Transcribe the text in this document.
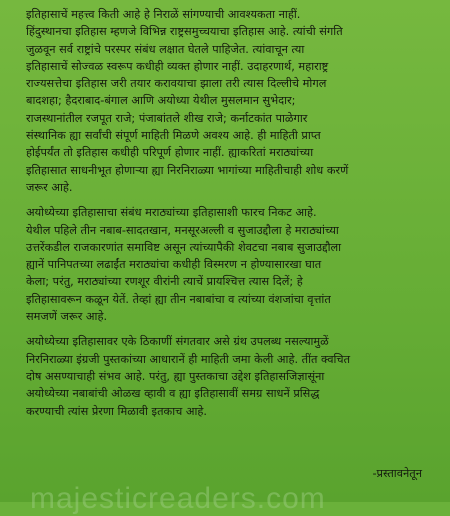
इतिहासाचें महत्त्व किती आहे हे निराळें सांगण्याची आवश्यकता नाहीं.
हिंदुस्थानचा इतिहास म्हणजे विभिन्न राष्ट्रसमुच्चयाचा इतिहास आहे. त्यांची संगति
जुळवून सर्व राष्ट्रांचे परस्पर संबंध लक्षात घेतले पाहिजेत. त्यांवाचून त्या
इतिहासाचें सोज्वळ स्वरूप कधीही व्यक्त होणार नाहीं. उदाहरणार्थ, महाराष्ट्र
राज्यसत्तेचा इतिहास जरी तयार करावयाचा झाला तरी त्यास दिल्लीचे मोगल
बादशहा; हैदराबाद-बंगाल आणि अयोध्या येथील मुसलमान सुभेदार;
राजस्थानांतील रजपूत राजे; पंजाबांतले शीख राजे; कर्नाटकांत पाळेगार
संस्थानिक ह्या सर्वांची संपूर्ण माहिती मिळणे अवश्य आहे. ही माहिती प्राप्त
होईपर्यंत तो इतिहास कधीही परिपूर्ण होणार नाहीं. ह्याकरितां मराठ्यांच्या
इतिहासात साधनीभूत होणाऱ्या ह्या निरनिराळ्या भागांच्या माहितीचाही शोध करणें
जरूर आहे.
अयोध्येच्या इतिहासाचा संबंध मराठ्यांच्या इतिहासाशी फारच निकट आहे.
येथील पहिले तीन नबाब-सादतखान, मनसूरअल्ली व सुजाउद्दौला हे मराठ्यांच्या
उत्तरेंकडील राजकारणांत समाविष्ट असून त्यांच्यापैकी शेवटचा नबाब सुजाउद्दौला
ह्यानें पानिपतच्या लढाईंत मराठ्यांचा कधीही विस्मरण न होण्यासारखा घात
केला; परंतु, मराठ्यांच्या रणशूर वीरांनी त्याचें प्रायश्चित्त त्यास दिलें; हे
इतिहासावरून कळून येतें. तेव्हां ह्या तीन नबाबांचा व त्यांच्या वंशजांचा वृत्तांत
समजणें जरूर आहे.
अयोध्येच्या इतिहासावर एके ठिकाणीं संगतवार असे ग्रंथ उपलब्ध नसल्यामुळें
निरनिराळ्या इंग्रजी पुस्तकांच्या आधारानें ही माहिती जमा केली आहे. तींत क्वचित
दोष असण्याचाही संभव आहे. परंतु, ह्या पुस्तकाचा उद्देश इतिहासजिज्ञासूंना
अयोध्येच्या नबाबांची ओळख व्हावी व ह्या इतिहासावीं समग्र साधनें प्रसिद्ध
करण्याची त्यांस प्रेरणा मिळावी इतकाच आहे.
-प्रस्तावनेतून
majesticreaders.com
